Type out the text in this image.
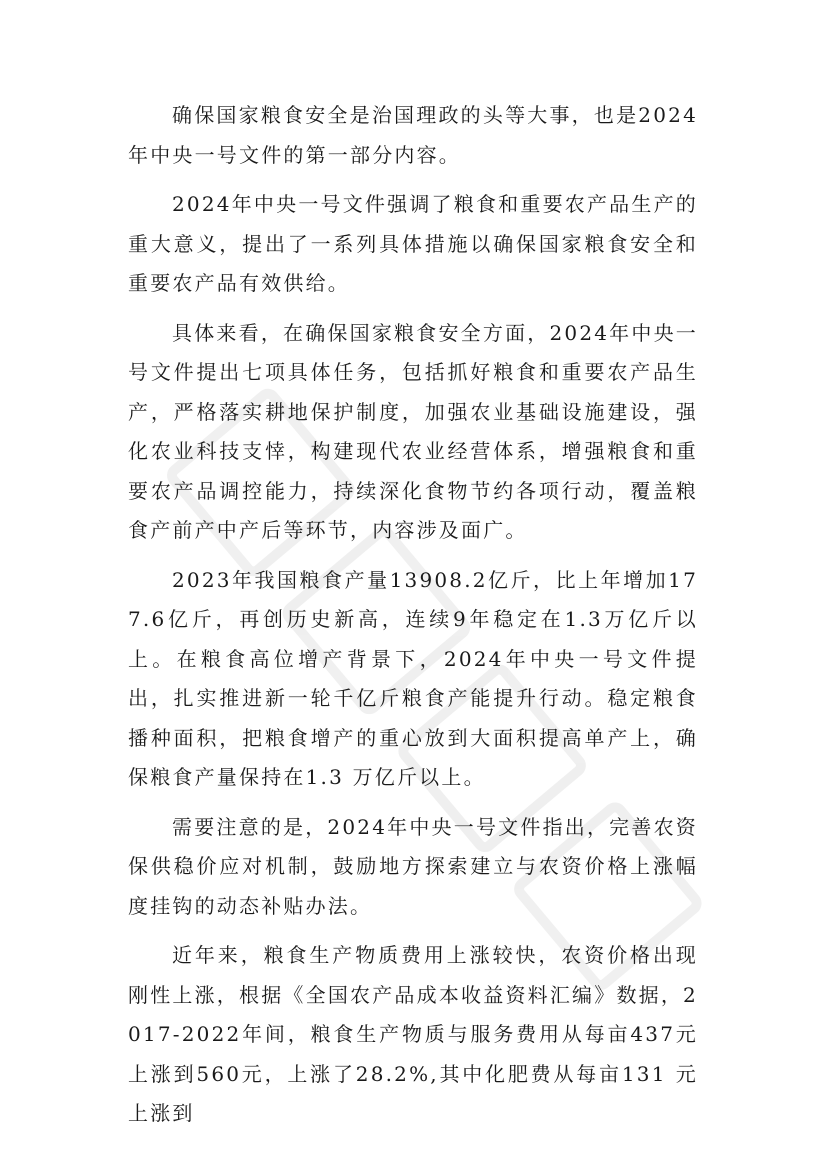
确保国家粮食安全是治国理政的头等大事，也是2024年中央一号文件的第一部分内容。

2024年中央一号文件强调了粮食和重要农产品生产的重大意义，提出了一系列具体措施以确保国家粮食安全和重要农产品有效供给。

具体来看，在确保国家粮食安全方面，2024年中央一号文件提出七项具体任务，包括抓好粮食和重要农产品生产，严格落实耕地保护制度，加强农业基础设施建设，强化农业科技支悻，构建现代农业经营体系，增强粮食和重要农产品调控能力，持续深化食物节约各项行动，覆盖粮食产前产中产后等环节，内容涉及面广。

2023年我国粮食产量13908.2亿斤，比上年增加177.6亿斤，再创历史新高，连续9年稳定在1.3万亿斤以上。在粮食高位增产背景下，2024年中央一号文件提出，扎实推进新一轮千亿斤粮食产能提升行动。稳定粮食播种面积，把粮食增产的重心放到大面积提高单产上，确保粮食产量保持在1.3 万亿斤以上。

需要注意的是，2024年中央一号文件指出，完善农资保供稳价应对机制，鼓励地方探索建立与农资价格上涨幅度挂钩的动态补贴办法。

近年来，粮食生产物质费用上涨较快，农资价格出现刚性上涨，根据《全国农产品成本收益资料汇编》数据，2017-2022年间，粮食生产物质与服务费用从每亩437元上涨到560元，上涨了28.2%,其中化肥费从每亩131 元上涨到
